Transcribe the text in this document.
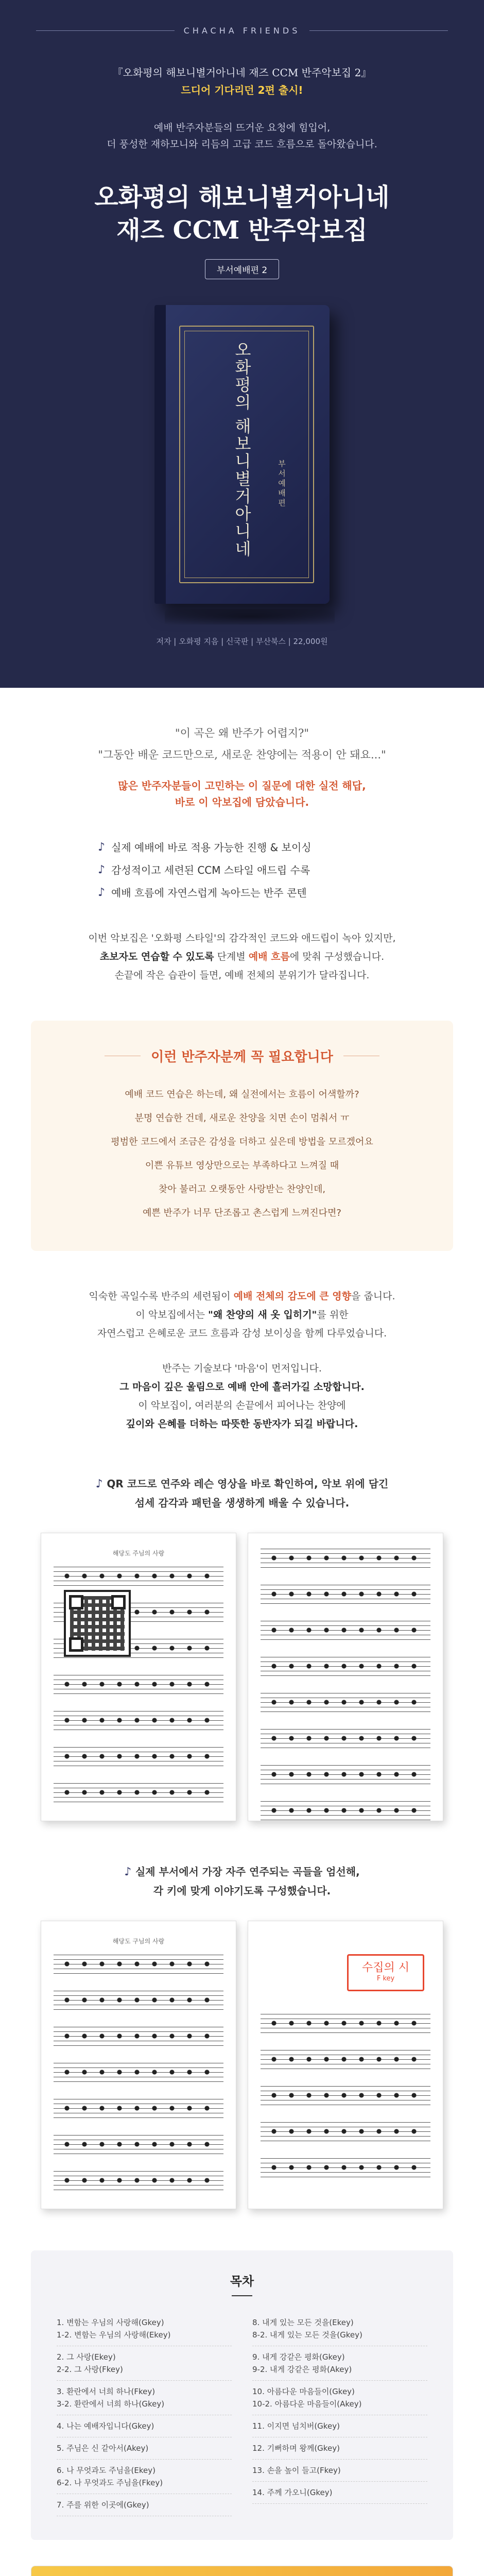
CHACHA FRIENDS
『오화평의 해보니별거아니네 재즈 CCM 반주악보집 2』
드디어 기다리던 2편 출시!
예배 반주자분들의 뜨거운 요청에 힘입어,
더 풍성한 재하모니와 리듬의 고급 코드 흐름으로 돌아왔습니다.
오화평의 해보니별거아니네
재즈 CCM 반주악보집
부서예배편 2
오화평의 해보니별거아니네	부서예배편
저자 | 오화평 지음 | 신국판 | 부산북스 | 22,000원
"이 곡은 왜 반주가 어렵지?"
"그동안 배운 코드만으로, 새로운 찬양에는 적용이 안 돼요..."
많은 반주자분들이 고민하는 이 질문에 대한 실전 해답,
바로 이 악보집에 담았습니다.
♪ 실제 예배에 바로 적용 가능한 진행 & 보이싱
♪ 감성적이고 세련된 CCM 스타일 애드립 수록
♪ 예배 흐름에 자연스럽게 녹아드는 반주 콘텐
이번 악보집은 '오화평 스타일'의 감각적인 코드와 애드립이 녹아 있지만,
초보자도 연습할 수 있도록 단계별 예배 흐름에 맞춰 구성했습니다.
손끝에 작은 습관이 들면, 예배 전체의 분위기가 달라집니다.
이런 반주자분께 꼭 필요합니다
예배 코드 연습은 하는데, 왜 실전에서는 흐름이 어색할까?
분명 연습한 건데, 새로운 찬양을 치면 손이 멈춰서 ㅠ
평범한 코드에서 조금은 감성을 더하고 싶은데 방법을 모르겠어요
이쁜 유튜브 영상만으로는 부족하다고 느껴질 때
찾아 불러고 오랫동안 사랑받는 찬양인데,
예쁜 반주가 너무 단조롭고 촌스럽게 느껴진다면?

익숙한 곡일수록 반주의 세련됨이 예배 전체의 감도에 큰 영향을 줍니다.
이 악보집에서는 "왜 찬양의 새 옷 입히기"를 위한
자연스럽고 은혜로운 코드 흐름과 감성 보이싱을 함께 다루었습니다.

반주는 기술보다 '마음'이 먼저입니다.
그 마음이 깊은 울림으로 예배 안에 흘러가길 소망합니다.
이 악보집이, 여러분의 손끝에서 피어나는 찬양에
깊이와 은혜를 더하는 따뜻한 동반자가 되길 바랍니다.

♪ QR 코드로 연주와 레슨 영상을 바로 확인하여, 악보 위에 담긴
섬세 감각과 패턴을 생생하게 배울 수 있습니다.
해당도 주님의 사랑
♪ 실제 부서에서 가장 자주 연주되는 곡들을 엄선해,
각 키에 맞게 이야기도록 구성했습니다.
해당도 구님의 사랑
수집의 시
F key
목차
1. 변함는 우님의 사랑해(Gkey)
1-2. 변함는 우님의 사랑해(Ekey)
2. 그 사랑(Ekey)
2-2. 그 사랑(Fkey)
3. 환란에서 너희 하나(Fkey)
3-2. 환란에서 너희 하나(Gkey)
4. 나는 예배자입니다(Gkey)
5. 주님은 신 같아서(Akey)
6. 나 무엇과도 주님을(Ekey)
6-2. 나 무엇과도 주님을(Fkey)
7. 주를 위한 이곳에(Gkey)
8. 내게 있는 모든 것을(Ekey)
8-2. 내게 있는 모든 것을(Gkey)
9. 내게 강같은 평화(Gkey)
9-2. 내게 강같은 평화(Akey)
10. 아름다운 마음들이(Gkey)
10-2. 아름다운 마음들이(Akey)
11. 이지면 넘치버(Gkey)
12. 기뻐하며 왕께(Gkey)
13. 손을 높이 들고(Fkey)
14. 주께 가오니(Gkey)
